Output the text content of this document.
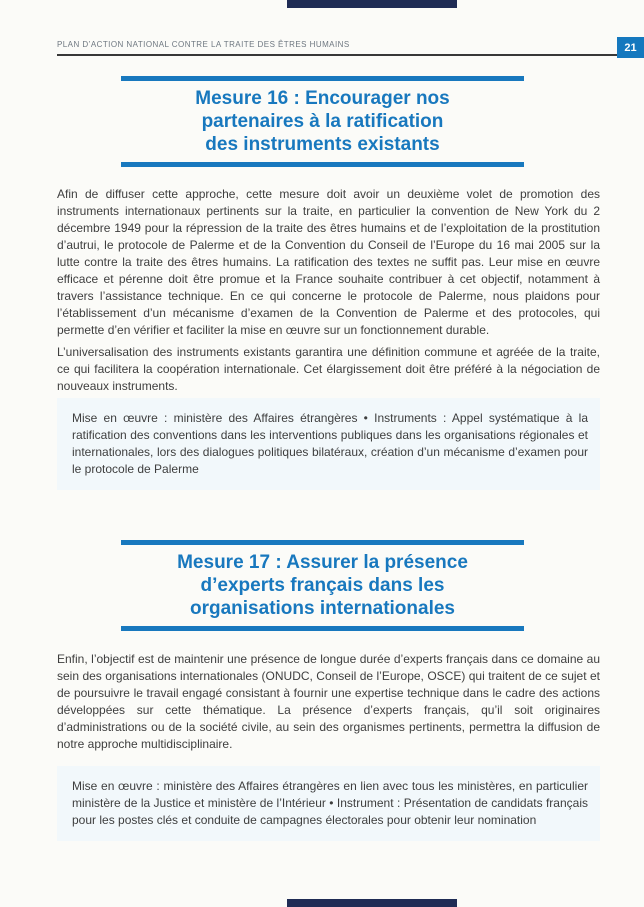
PLAN D’ACTION NATIONAL CONTRE LA TRAITE DES ÊTRES HUMAINS	21
Mesure 16 : Encourager nos
partenaires à la ratification
des instruments existants

Afin de diffuser cette approche, cette mesure doit avoir un deuxième volet de promotion des instruments internationaux pertinents sur la traite, en particulier la convention de New York du 2 décembre 1949 pour la répression de la traite des êtres humains et de l’exploitation de la prostitution d’autrui, le protocole de Palerme et de la Convention du Conseil de l’Europe du 16 mai 2005 sur la lutte contre la traite des êtres humains. La ratification des textes ne suffit pas. Leur mise en œuvre efficace et pérenne doit être promue et la France souhaite contribuer à cet objectif, notamment à travers l’assistance technique. En ce qui concerne le protocole de Palerme, nous plaidons pour l’établissement d’un mécanisme d’examen de la Convention de Palerme et des protocoles, qui permette d’en vérifier et faciliter la mise en œuvre sur un fonctionnement durable.

L’universalisation des instruments existants garantira une définition commune et agréée de la traite, ce qui facilitera la coopération internationale. Cet élargissement doit être préféré à la négociation de nouveaux instruments.

Mise en œuvre : ministère des Affaires étrangères • Instruments : Appel systématique à la ratification des conventions dans les interventions publiques dans les organisations régionales et internationales, lors des dialogues politiques bilatéraux, création d’un mécanisme d’examen pour le protocole de Palerme

Mesure 17 : Assurer la présence
d’experts français dans les
organisations internationales

Enfin, l’objectif est de maintenir une présence de longue durée d’experts français dans ce domaine au sein des organisations internationales (ONUDC, Conseil de l’Europe, OSCE) qui traitent de ce sujet et de poursuivre le travail engagé consistant à fournir une expertise technique dans le cadre des actions développées sur cette thématique. La présence d’experts français, qu’il soit originaires d’administrations ou de la société civile, au sein des organismes pertinents, permettra la diffusion de notre approche multidisciplinaire.

Mise en œuvre : ministère des Affaires étrangères en lien avec tous les ministères, en particulier ministère de la Justice et ministère de l’Intérieur • Instrument : Présentation de candidats français pour les postes clés et conduite de campagnes électorales pour obtenir leur nomination
